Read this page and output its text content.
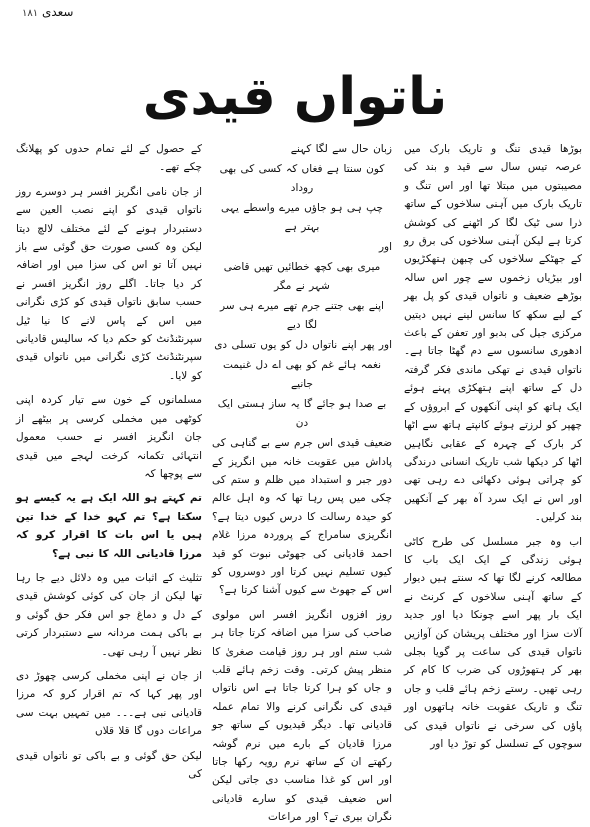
سعدی ۱۸۱
ناتواں قیدی

بوڑھا قیدی تنگ و تاریک بارک میں عرصہ تیس سال سے قید و بند کی مصیبتوں میں مبتلا تھا اور اس تنگ و تاریک بارک میں آہنی سلاخوں کے ساتھ ذرا سی ٹیک لگا کر اٹھنے کی کوشش کرتا ہے لیکن آہنی سلاخوں کی برق رو کے جھٹکے سلاخوں کی چبھن ہتھکڑیوں اور بیڑیاں زخموں سے چور اس سالہ بوڑھے ضعیف و ناتواں قیدی کو پل بھر کے لیے سکھ کا سانس لینے نہیں دیتیں مرکزی جیل کی بدبو اور تعفن کے باعث ادھوری سانسوں سے دم گھٹا جاتا ہے۔ ناتواں قیدی نے تھکی ماندی فکر گرفتہ دل کے ساتھ اپنے ہتھکڑی پہنے ہوئے ایک ہاتھ کو اپنی آنکھوں کے ابروؤں کے چھپر کو لرزتے ہوئے کانپتے ہاتھ سے اٹھا کر بارک کے چہرہ کے عقابی نگاہیں اٹھا کر دیکھا شب تاریک انسانی درندگی کو چراتی ہوئی دکھائی دے رہی تھی اور اس نے ایک سرد آہ بھر کے آنکھیں بند کرلیں۔

اب وہ جبر مسلسل کی طرح کاٹی ہوئی زندگی کے ایک ایک باب کا مطالعہ کرنے لگا تھا کہ سنتے ہیں دیوار کے ساتھ آہنی سلاخوں کے کرنٹ نے ایک بار پھر اسے چونکا دیا اور جدید آلات سزا اور مختلف پریشان کن آوازیں ناتواں قیدی کی ساعت پر گویا بجلی بھر کر ہتھوڑوں کی ضرب کا کام کر رہی تھیں۔ رستے زخم ہائے قلب و جاں تنگ و تاریک عقوبت خانہ ہاتھوں اور پاؤں کی سرخی نے ناتواں قیدی کی سوچوں کے تسلسل کو توڑ دیا اور

زبان حال سے لگا کہنے

کون سنتا ہے فغاں کہ کسی کی بھی روداد

چپ ہی ہو جاؤں میرے واسطے یہی بہتر ہے

اور

میری بھی کچھ خطائیں تھیں قاضی شہر نے مگر

اپنے بھی جتنے جرم تھے میرے ہی سر لگا دیے

اور پھر اپنے ناتواں دل کو یوں تسلی دی

نغمہ ہائے غم کو بھی اے دل غنیمت جانیے

بے صدا ہو جائے گا یہ ساز ہستی ایک دن

ضعیف قیدی اس جرم سے بے گناہی کی پاداش میں عقوبت خانہ میں انگریز کے دور جبر و استبداد میں ظلم و ستم کی چکی میں پس رہا تھا کہ وہ اہل عالم کو حیدہ رسالت کا درس کیوں دیتا ہے؟ انگریزی سامراج کے پروردہ مرزا غلام احمد قادیانی کی جھوٹی نبوت کو قید کیوں تسلیم نہیں کرتا اور دوسروں کو اس کے جھوٹ سے کیوں آشنا کرتا ہے؟

روز افزوں انگریز افسر اس مولوی صاحب کی سزا میں اضافہ کرتا جاتا ہر شب ستم اور ہر روز قیامت صغریٰ کا منظر پیش کرتی۔ وقت زخم ہائے قلب و جاں کو ہرا کرتا جاتا ہے اس ناتواں قیدی کی نگرانی کرنے والا تمام عملہ قادیانی تھا۔ دیگر قیدیوں کے ساتھ جو مرزا قادیان کے بارے میں نرم گوشہ رکھتے ان کے ساتھ نرم رویہ رکھا جاتا اور اس کو غذا مناسب دی جاتی لیکن اس ضعیف قیدی کو سارے قادیانی نگران بیری تے؟ اور مراعات

کے حصول کے لئے تمام حدوں کو پھلانگ چکے تھے۔

از جان نامی انگریز افسر ہر دوسرے روز ناتواں قیدی کو اپنے نصب العین سے دستبردار ہونے کے لئے مختلف لالچ دیتا لیکن وہ کسی صورت حق گوئی سے باز نہیں آتا تو اس کی سزا میں اور اضافہ کر دیا جاتا۔ اگلے روز انگریز افسر نے حسب سابق ناتواں قیدی کو کڑی نگرانی میں اس کے پاس لانے کا نیا ٹیل سپرنٹنڈنٹ کو حکم دیا کہ سالیس قادیانی سپرنٹنڈنٹ کڑی نگرانی میں ناتواں قیدی کو لایا۔

مسلمانوں کے خون سے تیار کردہ اپنی کوٹھی میں مخملی کرسی پر بیٹھے از جان انگریز افسر نے حسب معمول انتہائی تکمانہ کرخت لہجے میں قیدی سے پوچھا کہ

تم کہتے ہو اللہ ایک ہے یہ کیسے ہو سکتا ہے؟ تم کہو خدا کے خدا تین ہیں یا اس بات کا اقرار کرو کہ مرزا قادیانی اللہ کا نبی ہے؟

تثلیث کے اثبات میں وہ دلائل دیے جا رہا تھا لیکن از جان کی کوئی کوشش قیدی کے دل و دماغ جو اس فکر حق گوئی و بے باکی ہمت مردانہ سے دستبردار کرتی نظر نہیں آ رہی تھی۔

از جان نے اپنی مخملی کرسی چھوڑ دی اور پھر کہا کہ تم اقرار کرو کہ مرزا قادیانی نبی ہے۔۔۔ میں تمہیں بہت سی مراعات دوں گا قلا قلاں

لیکن حق گوئی و بے باکی تو ناتواں قیدی کی
